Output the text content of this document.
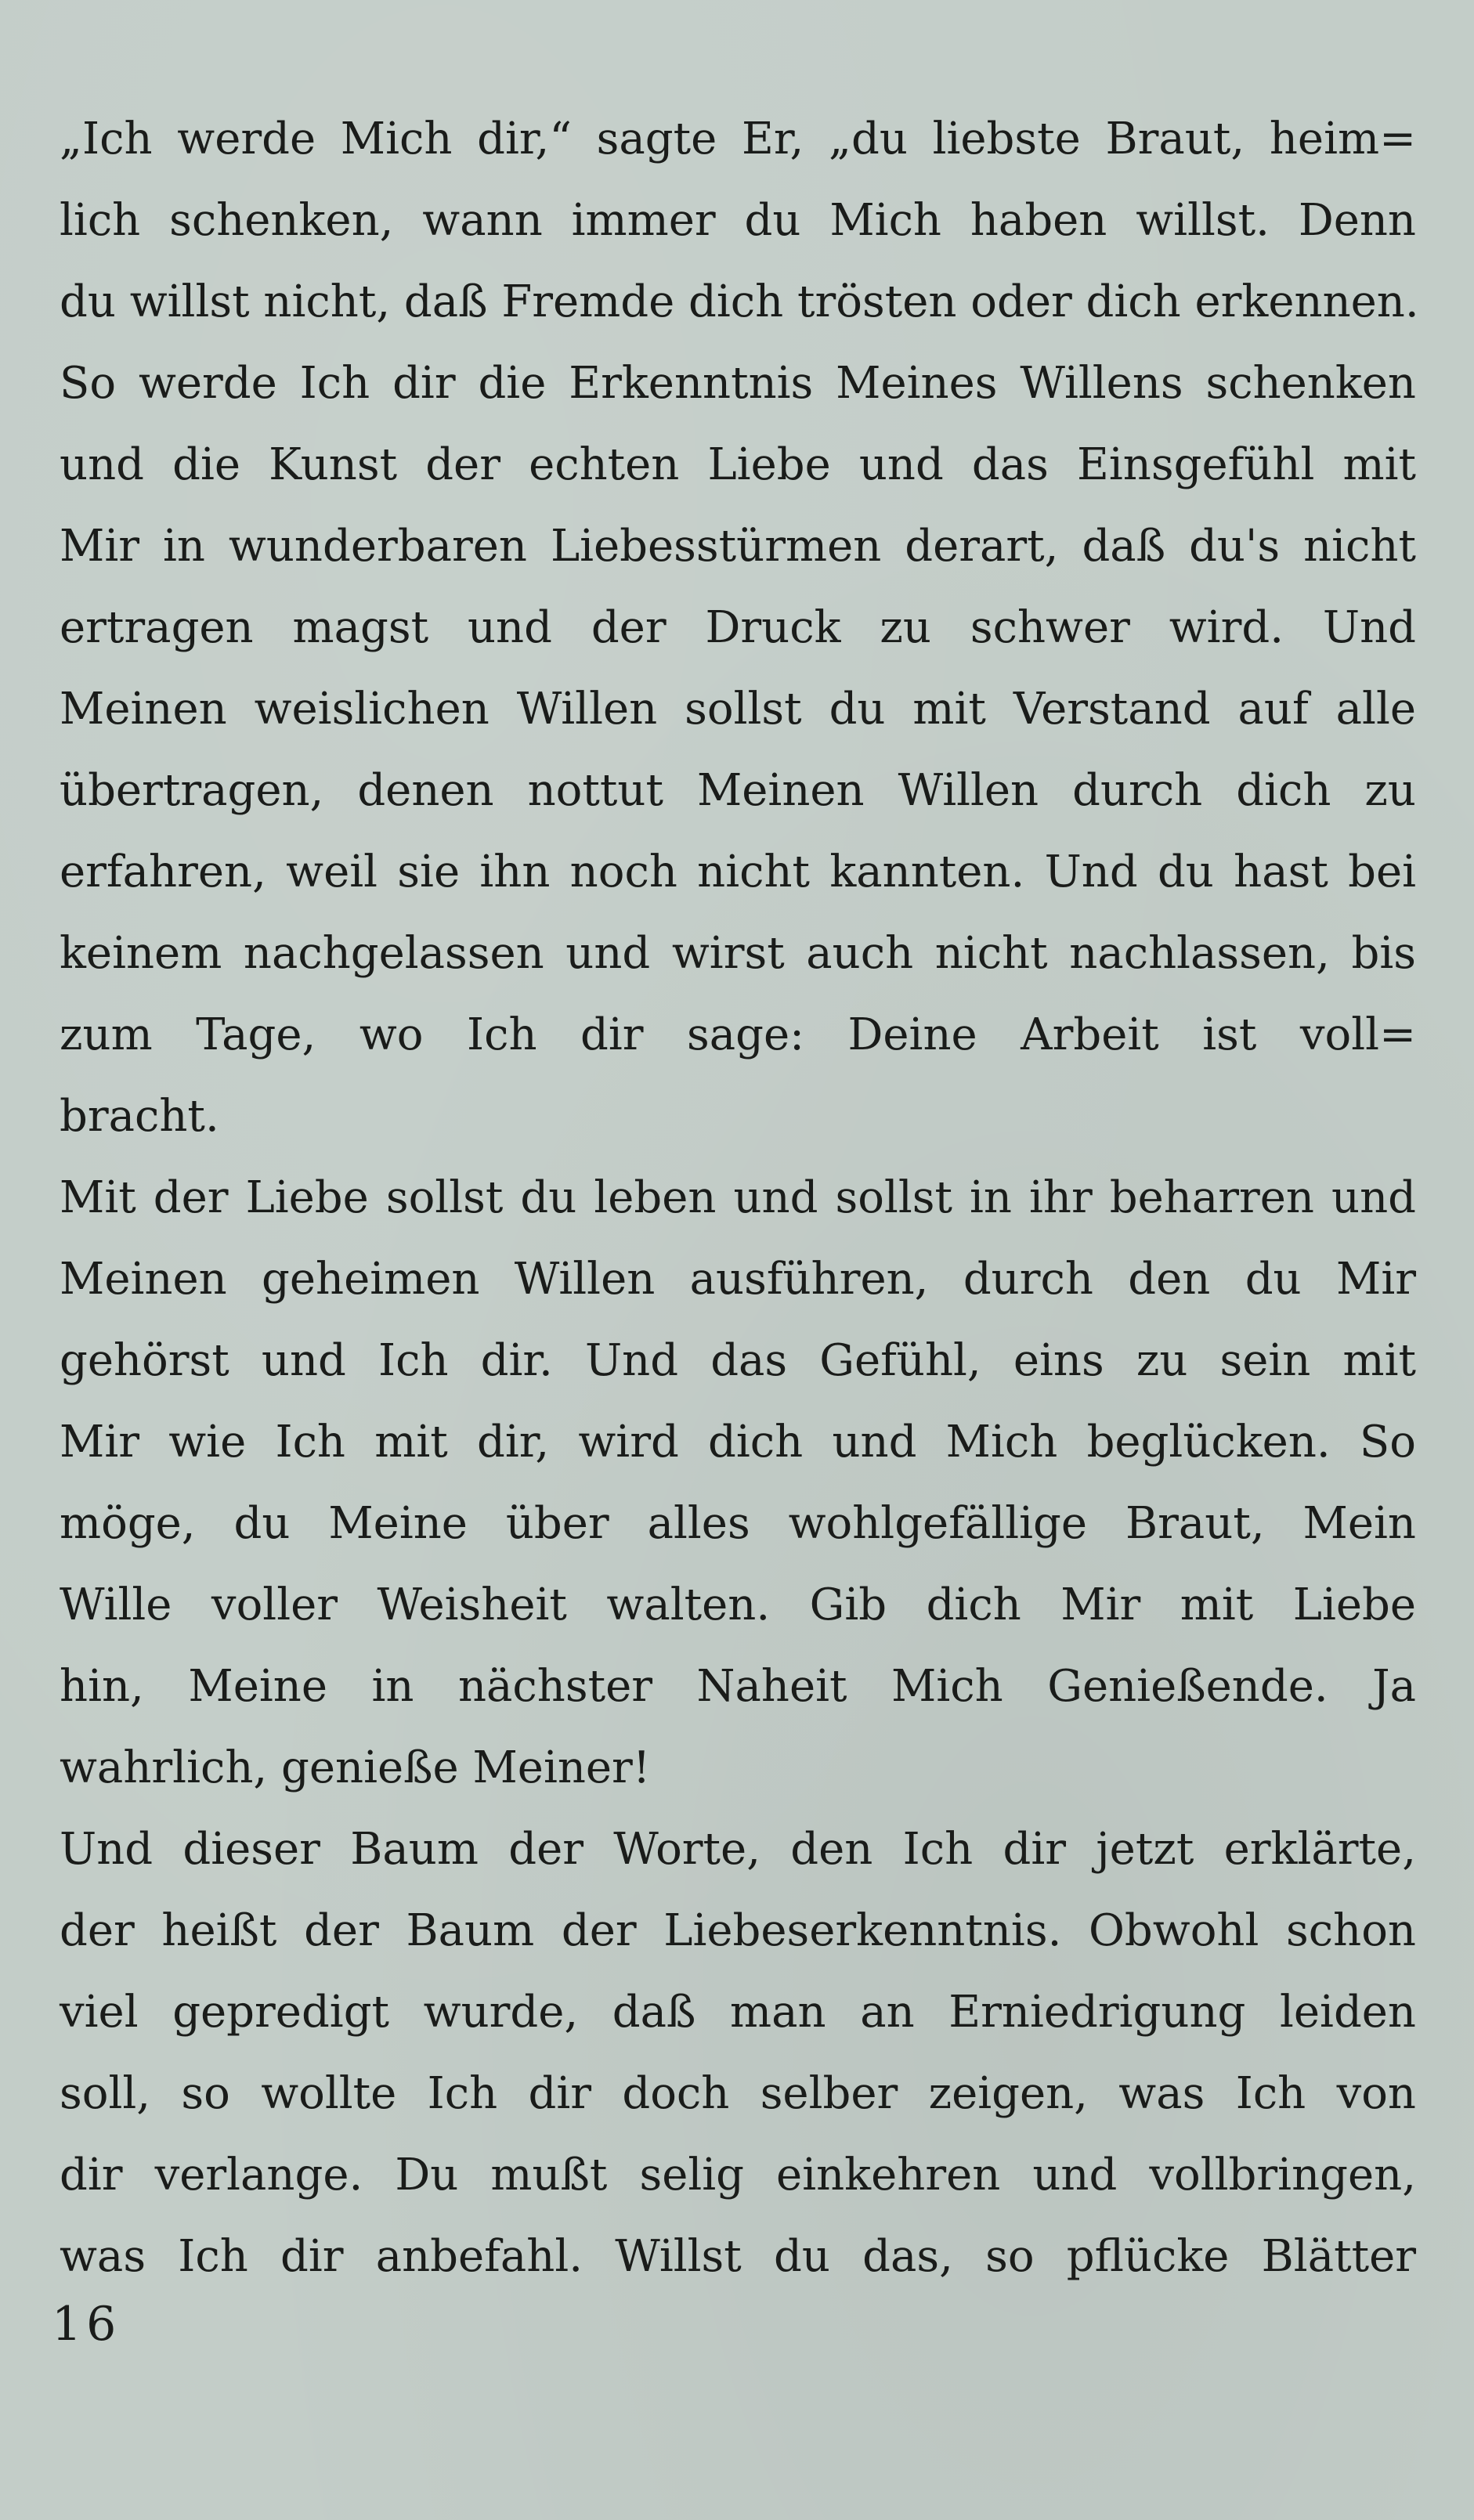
„Ich werde Mich dir,“ sagte Er, „du liebste Braut, heim=
lich schenken, wann immer du Mich haben willst. Denn
du willst nicht, daß Fremde dich trösten oder dich erkennen.
So werde Ich dir die Erkenntnis Meines Willens schenken
und die Kunst der echten Liebe und das Einsgefühl mit
Mir in wunderbaren Liebesstürmen derart, daß du's nicht
ertragen magst und der Druck zu schwer wird. Und
Meinen weislichen Willen sollst du mit Verstand auf alle
übertragen, denen nottut Meinen Willen durch dich zu
erfahren, weil sie ihn noch nicht kannten. Und du hast bei
keinem nachgelassen und wirst auch nicht nachlassen, bis
zum Tage, wo Ich dir sage: Deine Arbeit ist voll=
bracht.
Mit der Liebe sollst du leben und sollst in ihr beharren und
Meinen geheimen Willen ausführen, durch den du Mir
gehörst und Ich dir. Und das Gefühl, eins zu sein mit
Mir wie Ich mit dir, wird dich und Mich beglücken. So
möge, du Meine über alles wohlgefällige Braut, Mein
Wille voller Weisheit walten. Gib dich Mir mit Liebe
hin, Meine in nächster Naheit Mich Genießende. Ja
wahrlich, genieße Meiner!
Und dieser Baum der Worte, den Ich dir jetzt erklärte,
der heißt der Baum der Liebeserkenntnis. Obwohl schon
viel gepredigt wurde, daß man an Erniedrigung leiden
soll, so wollte Ich dir doch selber zeigen, was Ich von
dir verlange. Du mußt selig einkehren und vollbringen,
was Ich dir anbefahl. Willst du das, so pflücke Blätter
16
